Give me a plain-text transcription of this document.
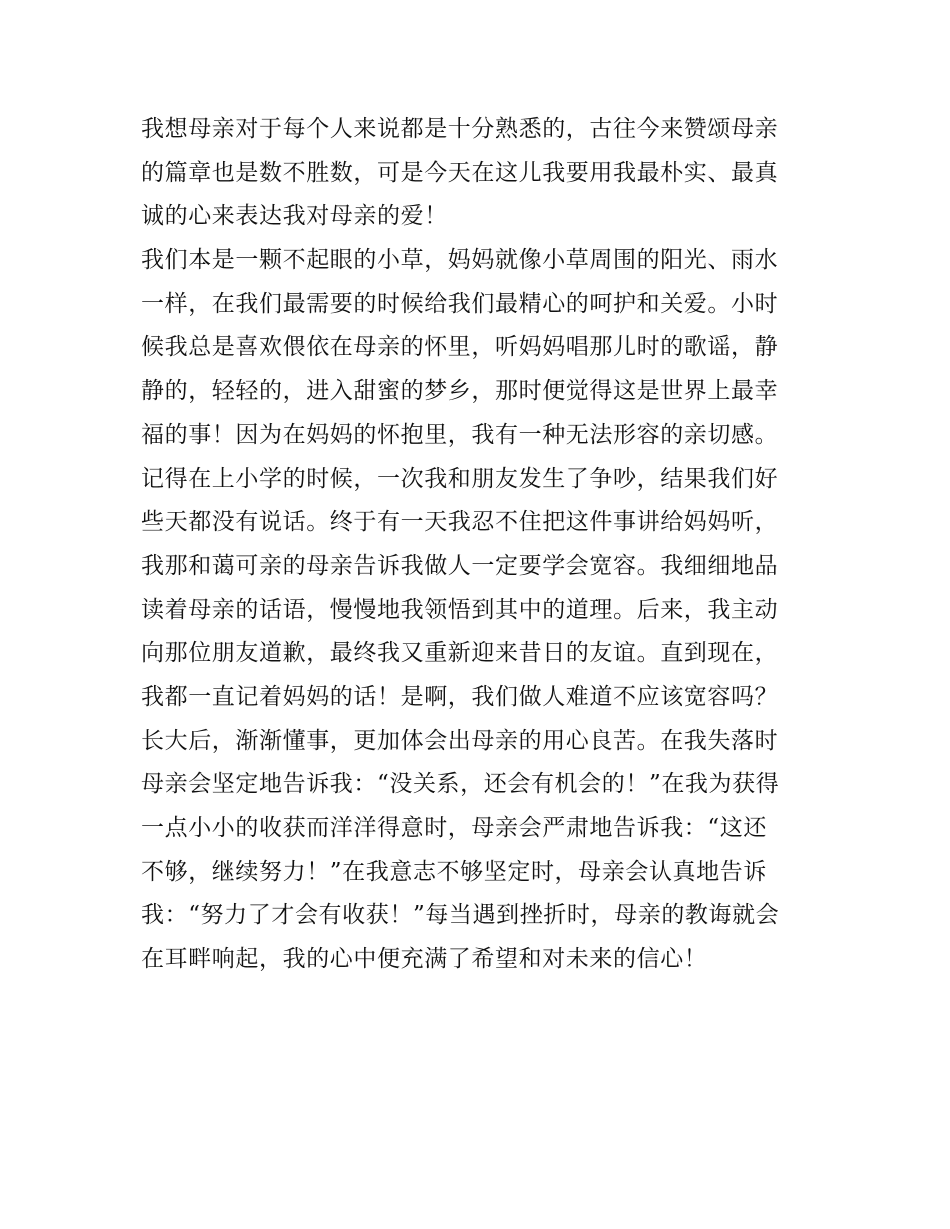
我想母亲对于每个人来说都是十分熟悉的，古往今来赞颂母亲
的篇章也是数不胜数，可是今天在这儿我要用我最朴实、最真
诚的心来表达我对母亲的爱！
我们本是一颗不起眼的小草，妈妈就像小草周围的阳光、雨水
一样，在我们最需要的时候给我们最精心的呵护和关爱。小时
候我总是喜欢偎依在母亲的怀里，听妈妈唱那儿时的歌谣，静
静的，轻轻的，进入甜蜜的梦乡，那时便觉得这是世界上最幸
福的事！因为在妈妈的怀抱里，我有一种无法形容的亲切感。
记得在上小学的时候，一次我和朋友发生了争吵，结果我们好
些天都没有说话。终于有一天我忍不住把这件事讲给妈妈听，
我那和蔼可亲的母亲告诉我做人一定要学会宽容。我细细地品
读着母亲的话语，慢慢地我领悟到其中的道理。后来，我主动
向那位朋友道歉，最终我又重新迎来昔日的友谊。直到现在，
我都一直记着妈妈的话！是啊，我们做人难道不应该宽容吗？
长大后，渐渐懂事，更加体会出母亲的用心良苦。在我失落时
母亲会坚定地告诉我：“没关系，还会有机会的！”在我为获得
一点小小的收获而洋洋得意时，母亲会严肃地告诉我：“这还
不够，继续努力！”在我意志不够坚定时，母亲会认真地告诉
我：“努力了才会有收获！”每当遇到挫折时，母亲的教诲就会
在耳畔响起，我的心中便充满了希望和对未来的信心！
